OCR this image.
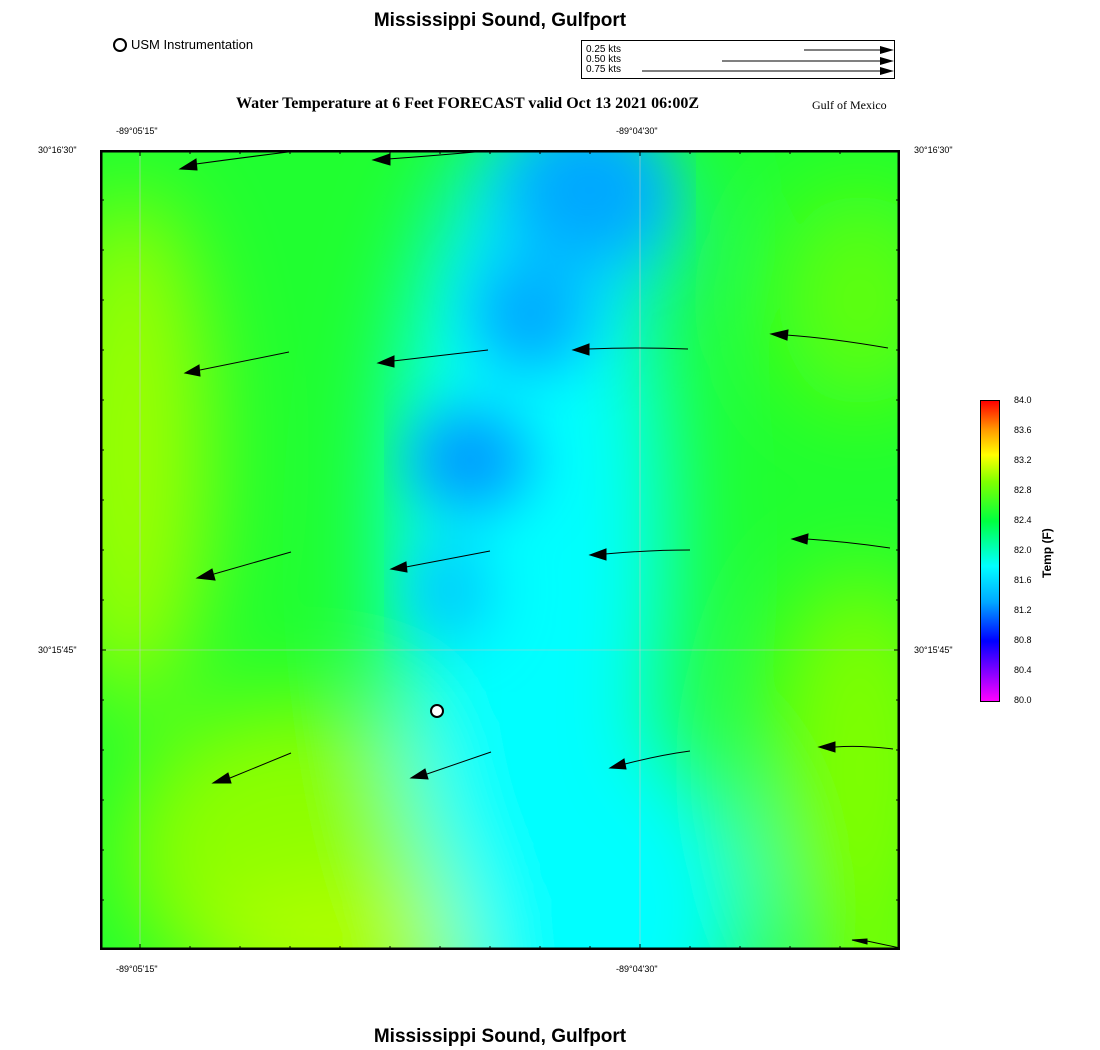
Mississippi Sound, Gulfport
USM Instrumentation	0.25 kts
0.50 kts
0.75 kts
Water Temperature at 6 Feet FORECAST valid Oct 13 2021 06:00Z	Gulf of Mexico
-89°05'15"	-89°04'30"
-89°05'15"	-89°04'30"
30°16'30"
30°15'45"
30°16'30"
30°15'45"
84.0
83.6
83.2
82.8
82.4
82.0
81.6
81.2
80.8
80.4
80.0
Temp (F)
Mississippi Sound, Gulfport
